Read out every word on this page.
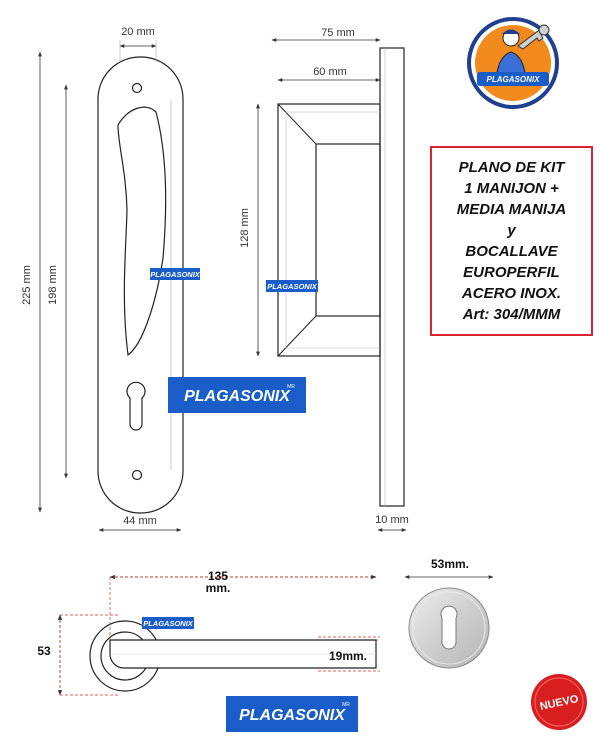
20 mm
225 mm 198 mm
44 mm
PLAGASONIX
75 mm
60 mm
128 mm
10 mm
PLAGASONIX
PLAGASONIX
MR
135
mm.
53	19mm.
PLAGASONIX
53mm.
PLAGASONIX
MR
PLAGASONIX
NUEVO
PLANO DE KIT
1 MANIJON +
MEDIA MANIJA
y
BOCALLAVE
EUROPERFIL
ACERO INOX.
Art: 304/MMM
